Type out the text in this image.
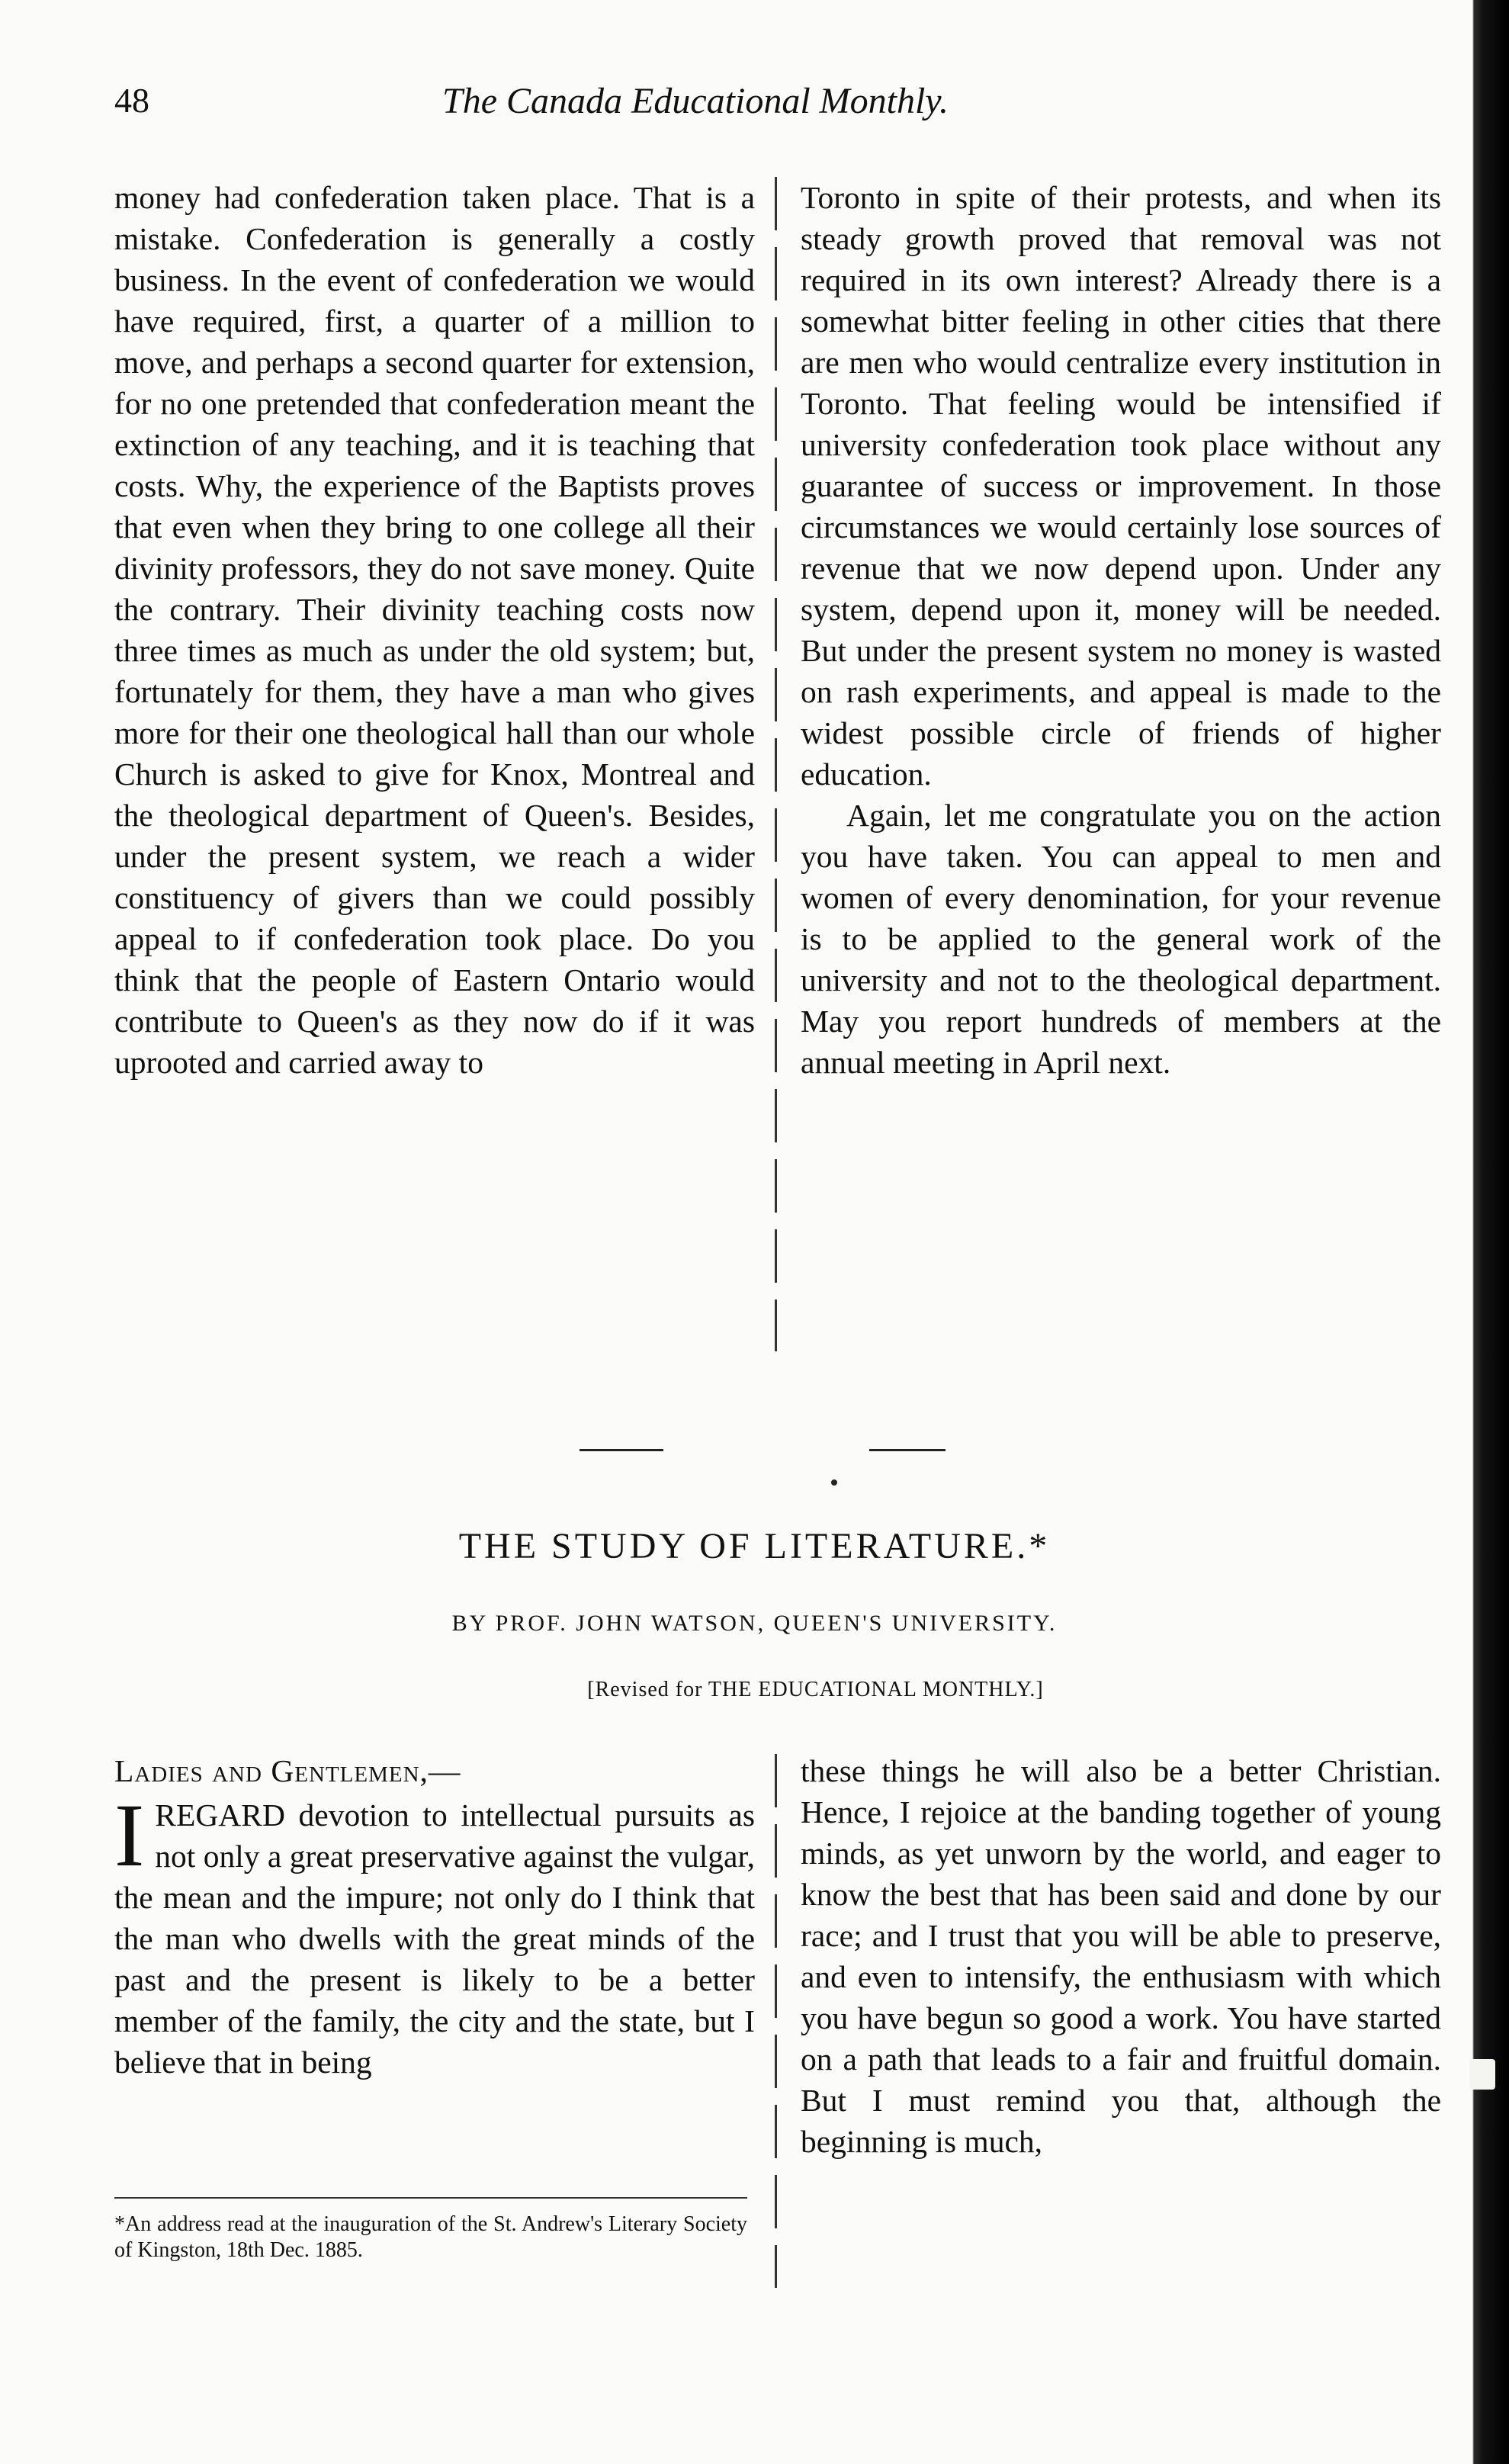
48	The Canada Educational Monthly.

money had confederation taken place. That is a mistake. Confederation is generally a costly business. In the event of confederation we would have required, first, a quarter of a million to move, and perhaps a second quarter for extension, for no one pretended that confederation meant the extinction of any teaching, and it is teaching that costs. Why, the experience of the Baptists proves that even when they bring to one college all their divinity professors, they do not save money. Quite the contrary. Their divinity teaching costs now three times as much as under the old system; but, fortunately for them, they have a man who gives more for their one theological hall than our whole Church is asked to give for Knox, Montreal and the theological department of Queen's. Besides, under the present system, we reach a wider constituency of givers than we could possibly appeal to if confederation took place. Do you think that the people of Eastern Ontario would contribute to Queen's as they now do if it was uprooted and carried away to

Toronto in spite of their protests, and when its steady growth proved that removal was not required in its own interest? Already there is a somewhat bitter feeling in other cities that there are men who would centralize every institution in Toronto. That feeling would be intensified if university confederation took place without any guarantee of success or improvement. In those circumstances we would certainly lose sources of revenue that we now depend upon. Under any system, depend upon it, money will be needed. But under the present system no money is wasted on rash experiments, and appeal is made to the widest possible circle of friends of higher education.

Again, let me congratulate you on the action you have taken. You can appeal to men and women of every denomination, for your revenue is to be applied to the general work of the university and not to the theological department. May you report hundreds of members at the annual meeting in April next.

THE STUDY OF LITERATURE.*
BY PROF. JOHN WATSON, QUEEN'S UNIVERSITY.
[Revised for THE EDUCATIONAL MONTHLY.]

Ladies and Gentlemen,—

IREGARD devotion to intellectual pursuits as not only a great preservative against the vulgar, the mean and the impure; not only do I think that the man who dwells with the great minds of the past and the present is likely to be a better member of the family, the city and the state, but I believe that in being

these things he will also be a better Christian. Hence, I rejoice at the banding together of young minds, as yet unworn by the world, and eager to know the best that has been said and done by our race; and I trust that you will be able to preserve, and even to intensify, the enthusiasm with which you have begun so good a work. You have started on a path that leads to a fair and fruitful domain. But I must remind you that, although the beginning is much,

*An address read at the inauguration of the St. Andrew's Literary Society of Kingston, 18th Dec. 1885.
